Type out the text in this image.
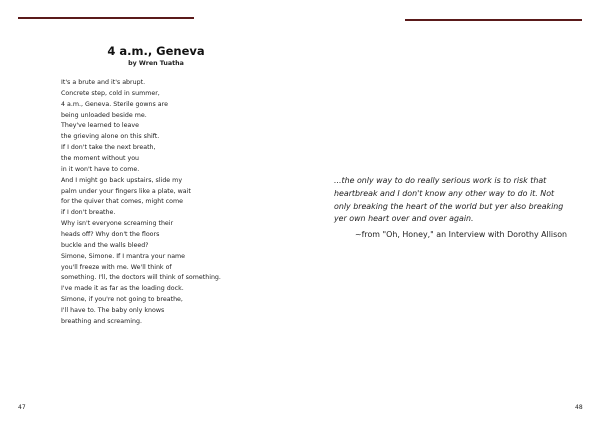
4 a.m., Geneva
by Wren Tuatha
It's a brute and it's abrupt.
Concrete step, cold in summer,
4 a.m., Geneva. Sterile gowns are
being unloaded beside me.
They've learned to leave
the grieving alone on this shift.
If I don't take the next breath,
the moment without you
in it won't have to come.
And I might go back upstairs, slide my
palm under your fingers like a plate, wait
for the quiver that comes, might come
if I don't breathe.
Why isn't everyone screaming their
heads off? Why don't the floors
buckle and the walls bleed?
Simone, Simone. If I mantra your name
you'll freeze with me. We'll think of
something. I'll, the doctors will think of something.
I've made it as far as the loading dock.
Simone, if you're not going to breathe,
I'll have to. The baby only knows
breathing and screaming.
...the only way to do really serious work is to risk that
heartbreak and I don't know any other way to do it. Not
only breaking the heart of the world but yer also breaking
yer own heart over and over again.
~from "Oh, Honey," an Interview with Dorothy Allison
47	48
